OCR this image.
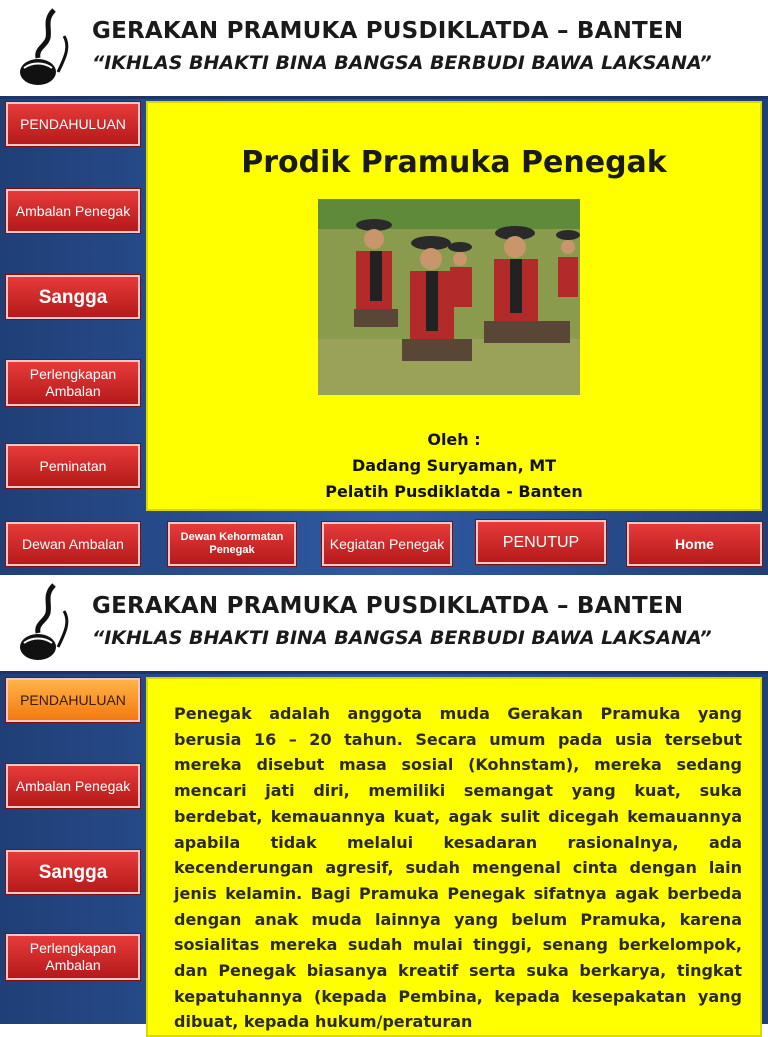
GERAKAN PRAMUKA PUSDIKLATDA – BANTEN
“IKHLAS BHAKTI BINA BANGSA BERBUDI BAWA LAKSANA”
PENDAHULUAN
Ambalan Penegak
Sangga
Perlengkapan Ambalan
Peminatan
Prodik Pramuka Penegak
Oleh :
Dadang Suryaman, MT
Pelatih Pusdiklatda - Banten
Dewan Ambalan	Dewan Kehormatan Penegak	Kegiatan Penegak	PENUTUP	Home
GERAKAN PRAMUKA PUSDIKLATDA – BANTEN
“IKHLAS BHAKTI BINA BANGSA BERBUDI BAWA LAKSANA”
PENDAHULUAN
Ambalan Penegak
Sangga
Perlengkapan Ambalan
Penegak adalah anggota muda Gerakan Pramuka yang berusia 16 – 20 tahun. Secara umum pada usia tersebut mereka disebut masa sosial (Kohnstam), mereka sedang mencari jati diri, memiliki semangat yang kuat, suka berdebat, kemauannya kuat, agak sulit dicegah kemauannya apabila tidak melalui kesadaran rasionalnya, ada kecenderungan agresif, sudah mengenal cinta dengan lain jenis kelamin. Bagi Pramuka Penegak sifatnya agak berbeda dengan anak muda lainnya yang belum Pramuka, karena sosialitas mereka sudah mulai tinggi, senang berkelompok, dan Penegak biasanya kreatif serta suka berkarya, tingkat kepatuhannya (kepada Pembina, kepada kesepakatan yang dibuat, kepada hukum/peraturan
